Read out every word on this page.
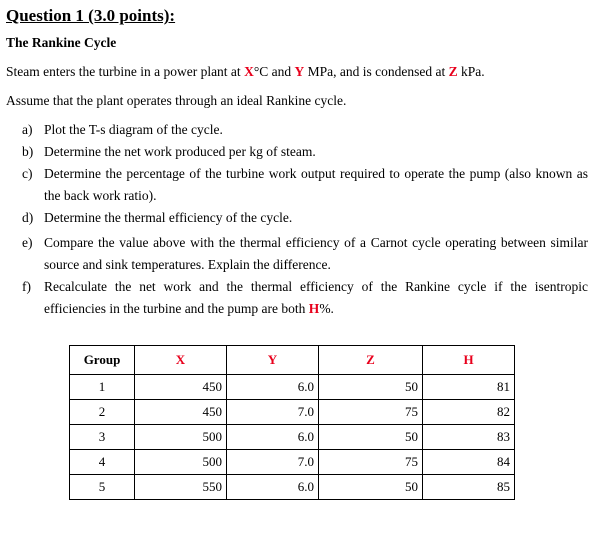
Question 1 (3.0 points):
The Rankine Cycle
Steam enters the turbine in a power plant at X°C and Y MPa, and is condensed at Z kPa.
Assume that the plant operates through an ideal Rankine cycle.
a) Plot the T-s diagram of the cycle.
b) Determine the net work produced per kg of steam.
c) Determine the percentage of the turbine work output required to operate the pump (also known as
the back work ratio).
d) Determine the thermal efficiency of the cycle.
e) Compare the value above with the thermal efficiency of a Carnot cycle operating between similar
source and sink temperatures. Explain the difference.
f) Recalculate the net work and the thermal efficiency of the Rankine cycle if the isentropic
efficiencies in the turbine and the pump are both H%.
Group	X	Y	Z	H
1	450	6.0	50	81
2	450	7.0	75	82
3	500	6.0	50	83
4	500	7.0	75	84
5	550	6.0	50	85
